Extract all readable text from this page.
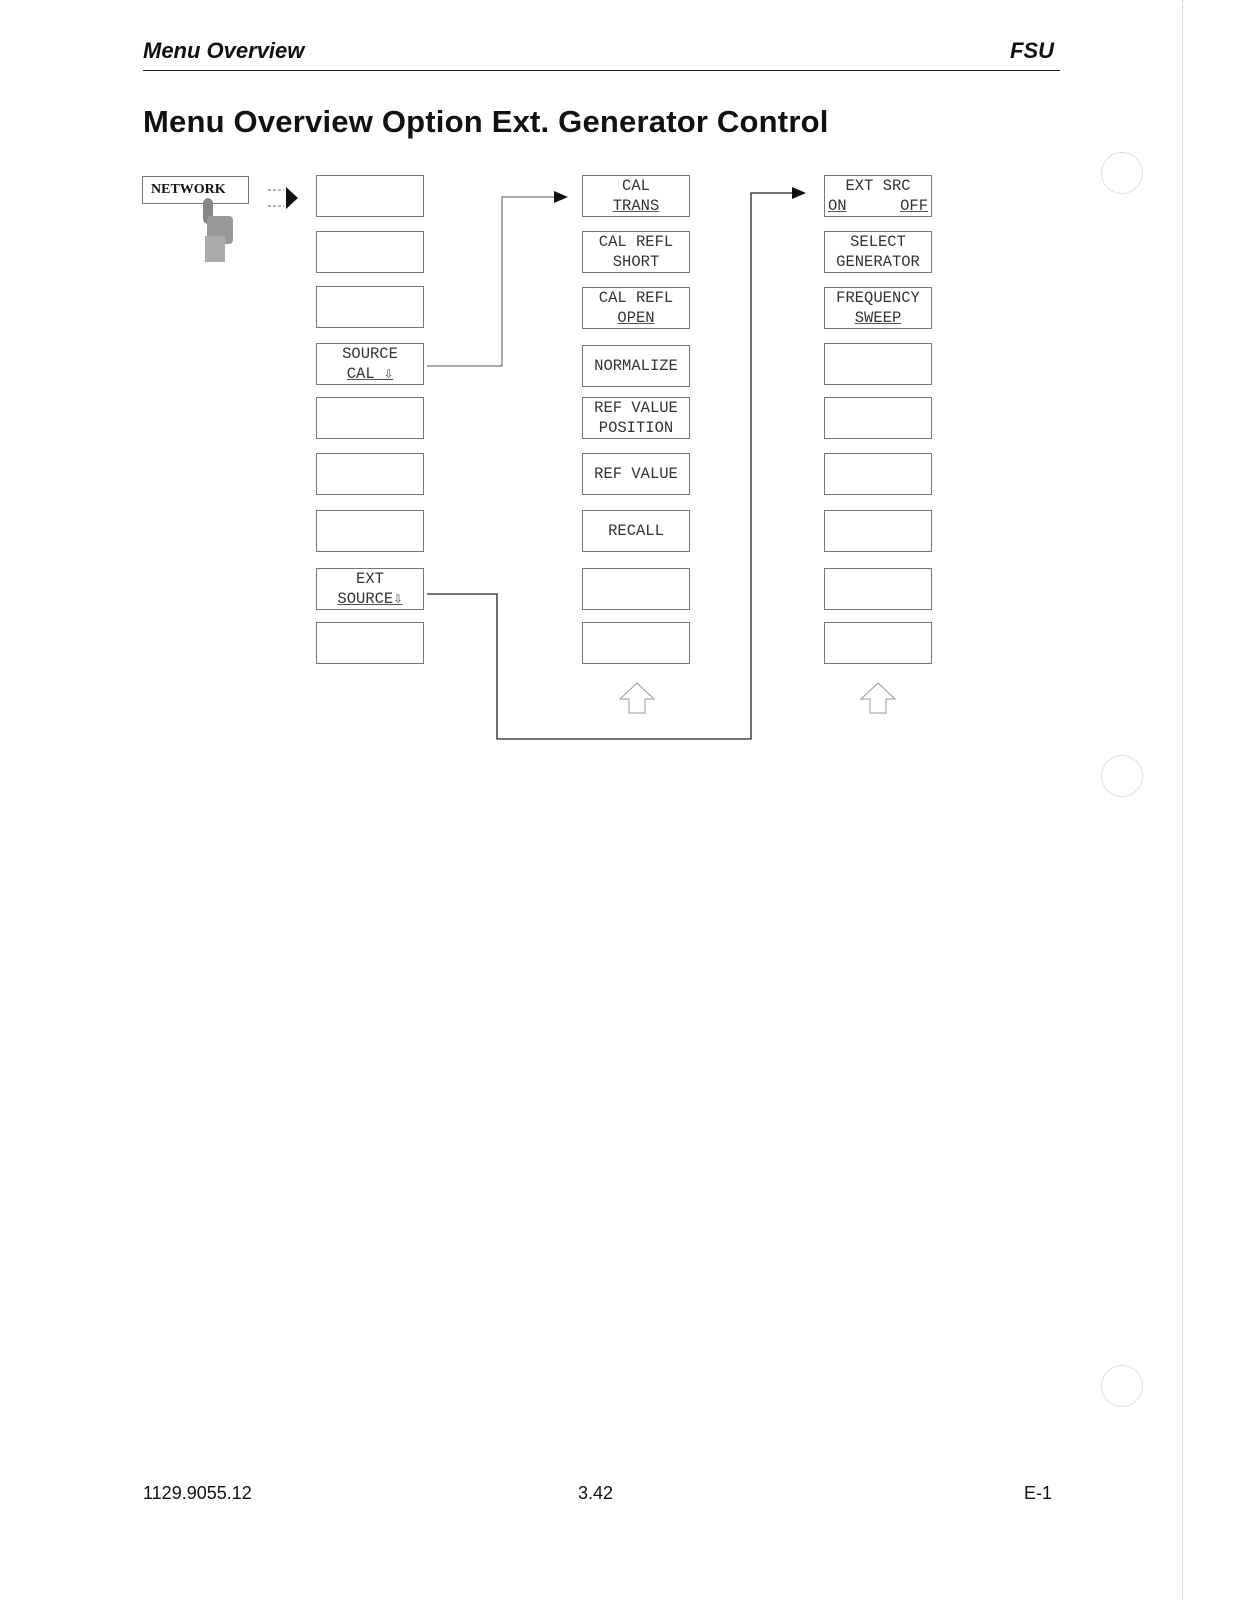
Menu Overview	FSU
Menu Overview Option Ext. Generator Control
NETWORK
SOURCE
CAL ⇩
EXT
SOURCE⇩
CAL
TRANS
CAL REFL
SHORT
CAL REFL
OPEN
NORMALIZE
REF VALUE
POSITION
REF VALUE
RECALL
EXT SRC
ON	OFF
SELECT
GENERATOR
FREQUENCY
SWEEP
1129.9055.12	3.42	E-1
